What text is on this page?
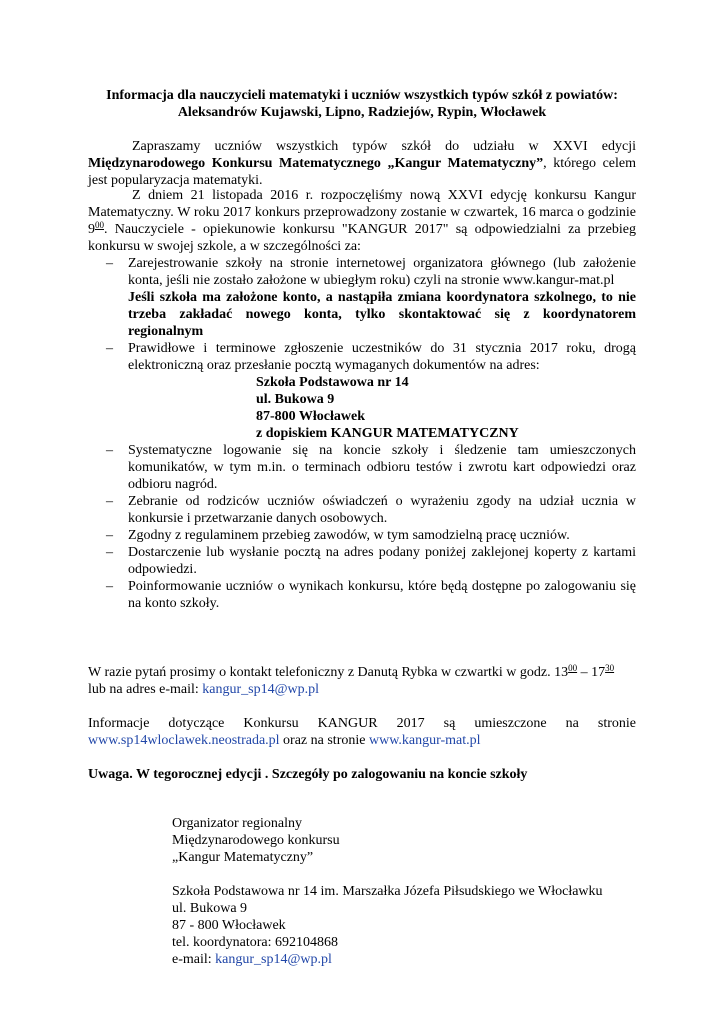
Informacja dla nauczycieli matematyki i uczniów wszystkich typów szkół z powiatów:
Aleksandrów Kujawski, Lipno, Radziejów, Rypin, Włocławek
Zapraszamy uczniów wszystkich typów szkół do udziału w XXVI edycji Międzynarodowego Konkursu Matematycznego „Kangur Matematyczny”, którego celem jest popularyzacja matematyki.
Z dniem 21 listopada 2016 r. rozpoczęliśmy nową XXVI edycję konkursu Kangur Matematyczny. W roku 2017 konkurs przeprowadzony zostanie w czwartek, 16 marca o godzinie $9^{00}$. Nauczyciele - opiekunowie konkursu "KANGUR 2017" są odpowiedzialni za przebieg konkursu w swojej szkole, a w szczególności za:
– Zarejestrowanie szkoły na stronie internetowej organizatora głównego (lub założenie konta, jeśli nie zostało założone w ubiegłym roku) czyli na stronie www.kangur-mat.pl
Jeśli szkoła ma założone konto, a nastąpiła zmiana koordynatora szkolnego, to nie trzeba zakładać nowego konta, tylko skontaktować się z koordynatorem regionalnym
– Prawidłowe i terminowe zgłoszenie uczestników do 31 stycznia 2017 roku, drogą elektroniczną oraz przesłanie pocztą wymaganych dokumentów na adres:
Szkoła Podstawowa nr 14
ul. Bukowa 9
87-800 Włocławek
z dopiskiem KANGUR MATEMATYCZNY
– Systematyczne logowanie się na koncie szkoły i śledzenie tam umieszczonych komunikatów, w tym m.in. o terminach odbioru testów i zwrotu kart odpowiedzi oraz odbioru nagród.
– Zebranie od rodziców uczniów oświadczeń o wyrażeniu zgody na udział ucznia w konkursie i przetwarzanie danych osobowych.
– Zgodny z regulaminem przebieg zawodów, w tym samodzielną pracę uczniów.
– Dostarczenie lub wysłanie pocztą na adres podany poniżej zaklejonej koperty z kartami odpowiedzi.
– Poinformowanie uczniów o wynikach konkursu, które będą dostępne po zalogowaniu się na konto szkoły.
W razie pytań prosimy o kontakt telefoniczny z Danutą Rybka w czwartki w godz. $13^{00} - 17^{30}$
lub na adres e-mail: kangur_sp14@wp.pl
Informacje dotyczące Konkursu KANGUR 2017 są umieszczone na stronie
www.sp14wloclawek.neostrada.pl oraz na stronie www.kangur-mat.pl
Uwaga. W tegorocznej edycji . Szczegóły po zalogowaniu na koncie szkoły
Organizator regionalny
Międzynarodowego konkursu
„Kangur Matematyczny”
Szkoła Podstawowa nr 14 im. Marszałka Józefa Piłsudskiego we Włocławku
ul. Bukowa 9
87 - 800 Włocławek
tel. koordynatora: 692104868
e-mail: kangur_sp14@wp.pl
